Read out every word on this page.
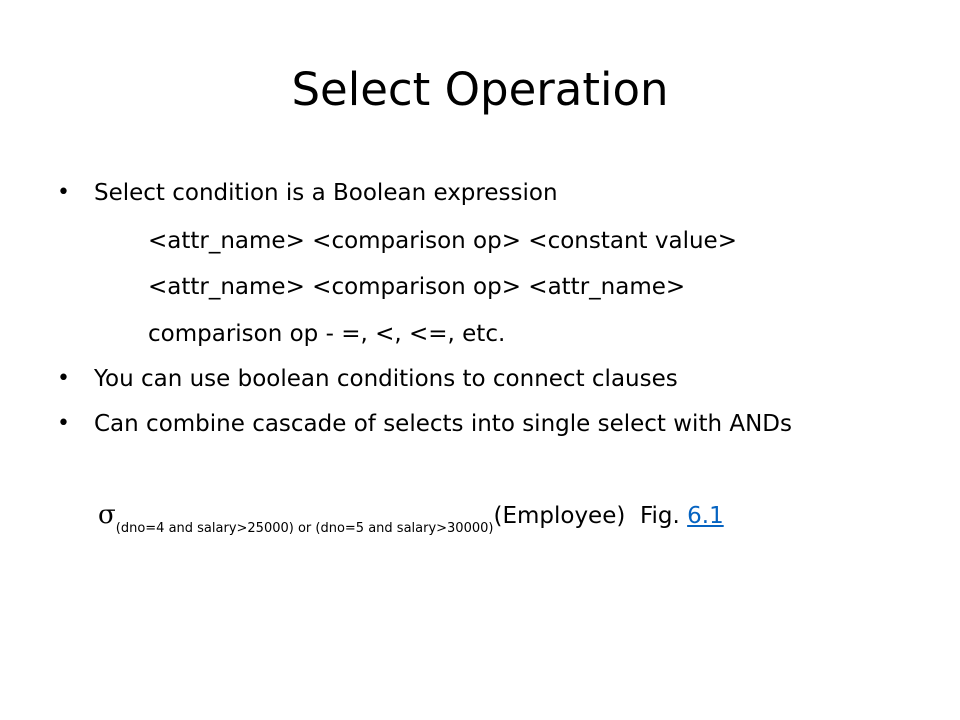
Select Operation
• Select condition is a Boolean expression
<attr_name> <comparison op> <constant value>
<attr_name> <comparison op> <attr_name>
comparison op - =, <, <=, etc.
• You can use boolean conditions to connect clauses
• Can combine cascade of selects into single select with ANDs
$\sigma_{(dno=4 and salary>25000) or (dno=5 and salary>30000)}(Employee)$ Fig. 6.1
